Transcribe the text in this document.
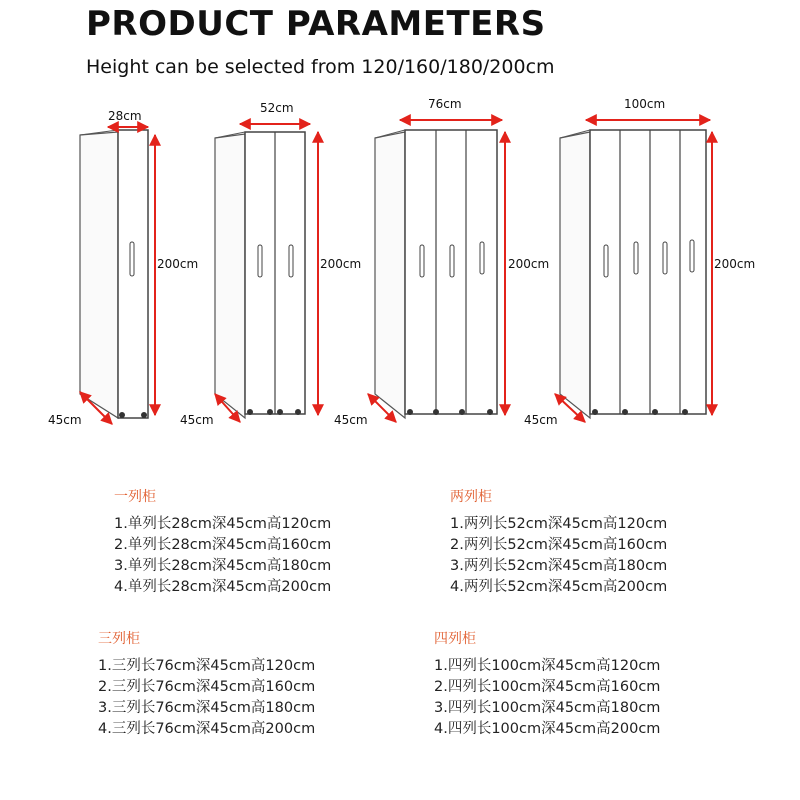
PRODUCT PARAMETERS
Height can be selected from 120/160/180/200cm
28cm
200cm
45cm
52cm
200cm
45cm
76cm
200cm
45cm
100cm
200cm
45cm
一列柜
1.单列长28cm深45cm高120cm
2.单列长28cm深45cm高160cm
3.单列长28cm深45cm高180cm
4.单列长28cm深45cm高200cm
两列柜
1.两列长52cm深45cm高120cm
2.两列长52cm深45cm高160cm
3.两列长52cm深45cm高180cm
4.两列长52cm深45cm高200cm
三列柜
1.三列长76cm深45cm高120cm
2.三列长76cm深45cm高160cm
3.三列长76cm深45cm高180cm
4.三列长76cm深45cm高200cm
四列柜
1.四列长100cm深45cm高120cm
2.四列长100cm深45cm高160cm
3.四列长100cm深45cm高180cm
4.四列长100cm深45cm高200cm
